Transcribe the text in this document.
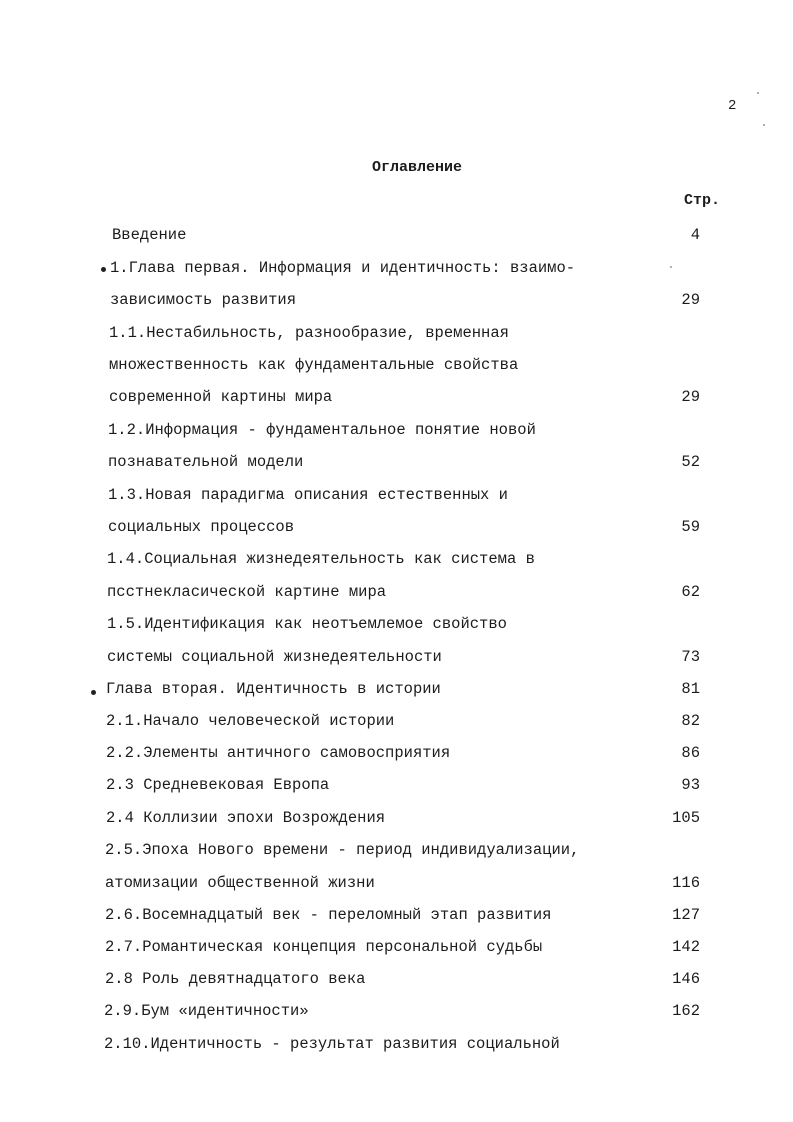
2
Оглавление
Стр.
Введение	4
1.Глава первая. Информация и идентичность: взаимо-
зависимость развития	29
1.1.Нестабильность, разнообразие, временная
множественность как фундаментальные свойства
современной картины мира	29
1.2.Информация - фундаментальное понятие новой
познавательной модели	52
1.3.Новая парадигма описания естественных и
социальных процессов	59
1.4.Социальная жизнедеятельность как система в
пcстнеклaсической картине мира	62
1.5.Идентификация как неотъемлемое свойство
системы социальной жизнедеятельности	73
Глава вторая. Идентичность в истории	81
2.1.Начало человеческой истории	82
2.2.Элементы античного самовосприятия	86
2.3 Средневековая Европа	93
2.4 Коллизии эпохи Возрождения	105
2.5.Эпоха Нового времени - период индивидуализации,
атомизации общественной жизни	116
2.6.Восемнадцатый век - переломный этап развития	127
2.7.Романтическая концепция персональной судьбы	142
2.8 Роль девятнадцатого века	146
2.9.Бум «идентичности»	162
2.10.Идентичность - результат развития социальной
